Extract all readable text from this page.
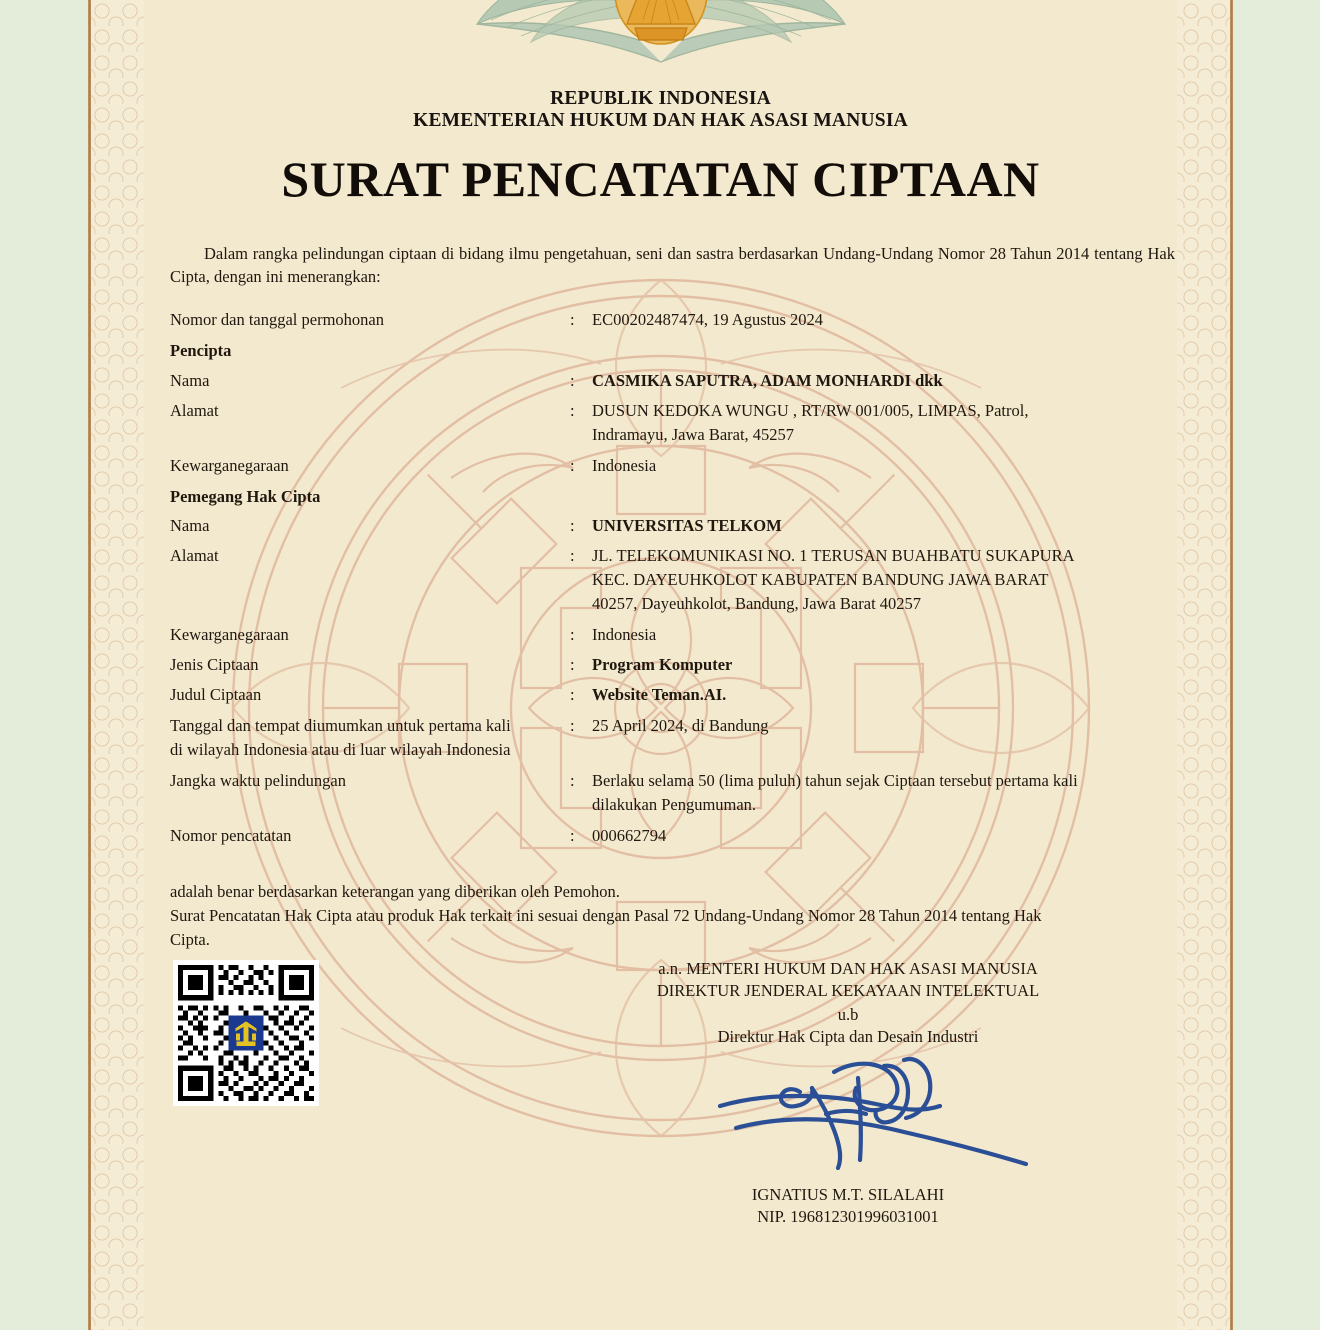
REPUBLIK INDONESIA
KEMENTERIAN HUKUM DAN HAK ASASI MANUSIA
SURAT PENCATATAN CIPTAAN
Dalam rangka pelindungan ciptaan di bidang ilmu pengetahuan, seni dan sastra berdasarkan Undang-Undang Nomor 28 Tahun 2014 tentang Hak Cipta, dengan ini menerangkan:
Nomor dan tanggal permohonan	:	EC00202487474, 19 Agustus 2024
Pencipta
Nama	:	CASMIKA SAPUTRA, ADAM MONHARDI dkk
Alamat	:	DUSUN KEDOKA WUNGU , RT/RW 001/005, LIMPAS, Patrol,
Indramayu, Jawa Barat, 45257
Kewarganegaraan	:	Indonesia
Pemegang Hak Cipta
Nama	:	UNIVERSITAS TELKOM
Alamat	:	JL. TELEKOMUNIKASI NO. 1 TERUSAN BUAHBATU SUKAPURA
KEC. DAYEUHKOLOT KABUPATEN BANDUNG JAWA BARAT
40257, Dayeuhkolot, Bandung, Jawa Barat 40257
Kewarganegaraan	:	Indonesia
Jenis Ciptaan	:	Program Komputer
Judul Ciptaan	:	Website Teman.AI.
Tanggal dan tempat diumumkan untuk pertama kali
di wilayah Indonesia atau di luar wilayah Indonesia
:	25 April 2024, di Bandung
Jangka waktu pelindungan	:	Berlaku selama 50 (lima puluh) tahun sejak Ciptaan tersebut pertama kali
dilakukan Pengumuman.
Nomor pencatatan	:	000662794
adalah benar berdasarkan keterangan yang diberikan oleh Pemohon.
Surat Pencatatan Hak Cipta atau produk Hak terkait ini sesuai dengan Pasal 72 Undang-Undang Nomor 28 Tahun 2014 tentang Hak
Cipta.
a.n. MENTERI HUKUM DAN HAK ASASI MANUSIA
DIREKTUR JENDERAL KEKAYAAN INTELEKTUAL
u.b
Direktur Hak Cipta dan Desain Industri
IGNATIUS M.T. SILALAHI
NIP. 196812301996031001
